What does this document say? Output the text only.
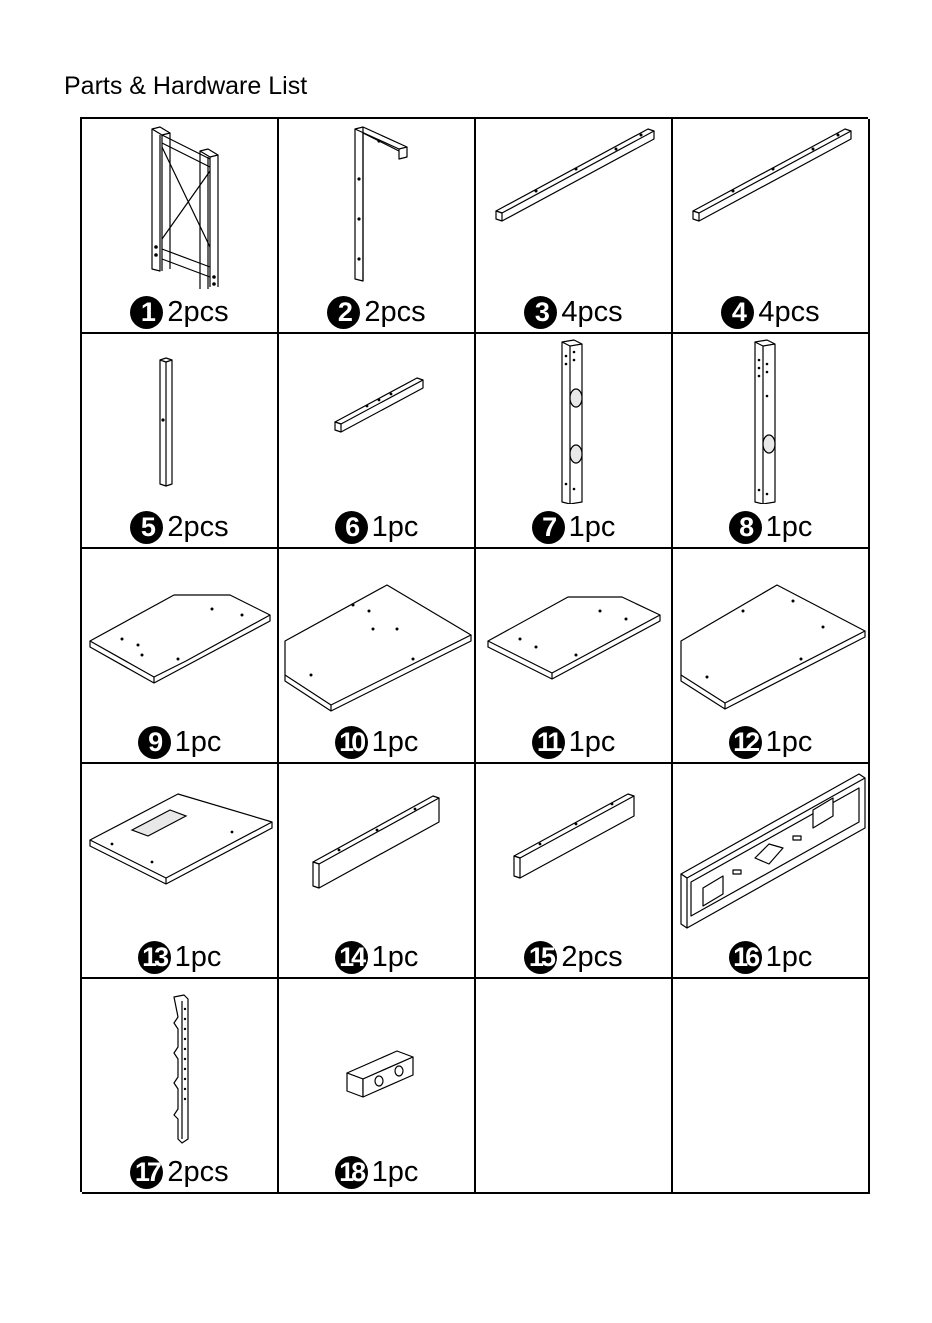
Parts & Hardware List
1 2pcs	2 2pcs	3 4pcs	4 4pcs
5 2pcs	6 1pc	7 1pc	8 1pc
9 1pc	10 1pc	11 1pc	12 1pc
13 1pc	14 1pc	15 2pcs	16 1pc
17 2pcs	18 1pc
